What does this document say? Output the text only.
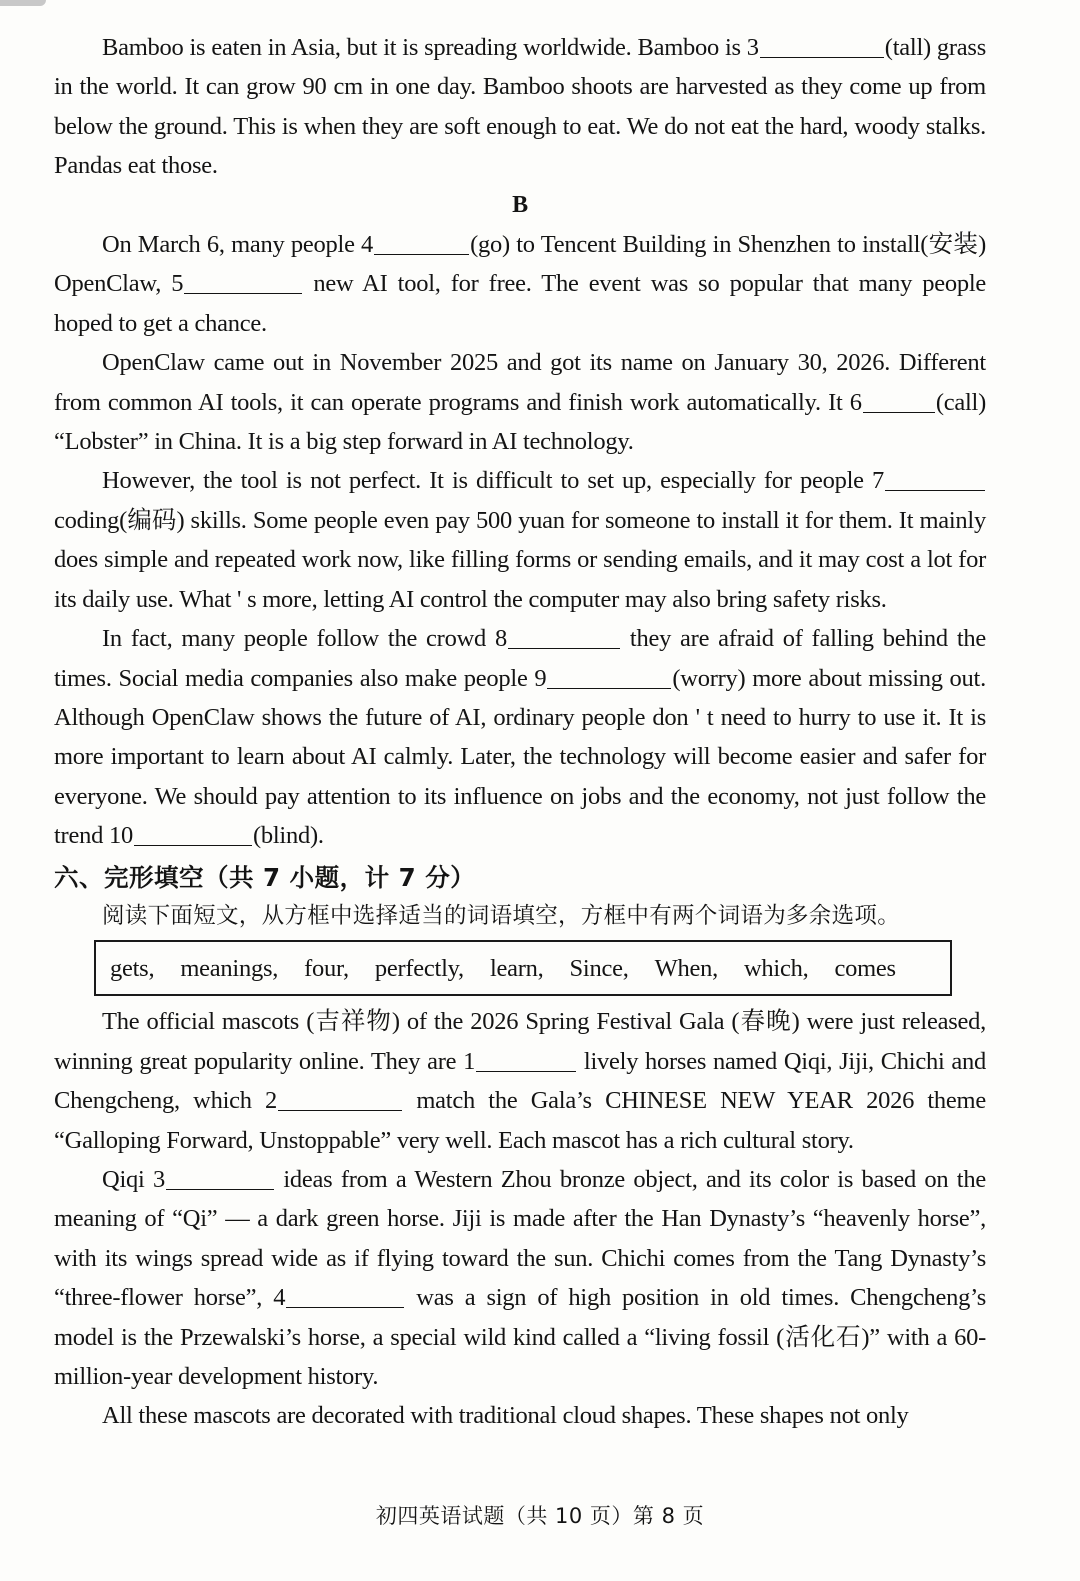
Bamboo is eaten in Asia, but it is spreading worldwide. Bamboo is 3	(tall) grass in the world. It can grow 90 cm in one day. Bamboo shoots are harvested as they come up from below the ground. This is when they are soft enough to eat. We do not eat the hard, woody stalks. Pandas eat those.

B

On March 6, many people 4	(go) to Tencent Building in Shenzhen to install(安装) OpenClaw, 5	new AI tool, for free. The event was so popular that many people hoped to get a chance.

OpenClaw came out in November 2025 and got its name on January 30, 2026. Different from common AI tools, it can operate programs and finish work automatically. It 6	(call) “Lobster” in China. It is a big step forward in AI technology.

However, the tool is not perfect. It is difficult to set up, especially for people 7 coding(编码) skills. Some people even pay 500 yuan for someone to install it for them. It mainly does simple and repeated work now, like filling forms or sending emails, and it may cost a lot for its daily use. What ' s more, letting AI control the computer may also bring safety risks.

In fact, many people follow the crowd 8	they are afraid of falling behind the times. Social media companies also make people 9	(worry) more about missing out. Although OpenClaw shows the future of AI, ordinary people don ' t need to hurry to use it. It is more important to learn about AI calmly. Later, the technology will become easier and safer for everyone. We should pay attention to its influence on jobs and the economy, not just follow the trend 10	(blind).

六、完形填空（共 7 小题，计 7 分）

阅读下面短文，从方框中选择适当的词语填空，方框中有两个词语为多余选项。

gets, meanings, four, perfectly, learn, Since, When, which, comes

The official mascots (吉祥物) of the 2026 Spring Festival Gala (春晚) were just released, winning great popularity online. They are 1	lively horses named Qiqi, Jiji, Chichi and Chengcheng, which 2	match the Gala’s CHINESE NEW YEAR 2026 theme “Galloping Forward, Unstoppable” very well. Each mascot has a rich cultural story.

Qiqi 3	ideas from a Western Zhou bronze object, and its color is based on the meaning of “Qi” — a dark green horse. Jiji is made after the Han Dynasty’s “heavenly horse”, with its wings spread wide as if flying toward the sun. Chichi comes from the Tang Dynasty’s “three-flower horse”, 4	was a sign of high position in old times. Chengcheng’s model is the Przewalski’s horse, a special wild kind called a “living fossil (活化石)” with a 60-million-year development history.

All these mascots are decorated with traditional cloud shapes. These shapes not only

初四英语试题（共 10 页）第 8 页
